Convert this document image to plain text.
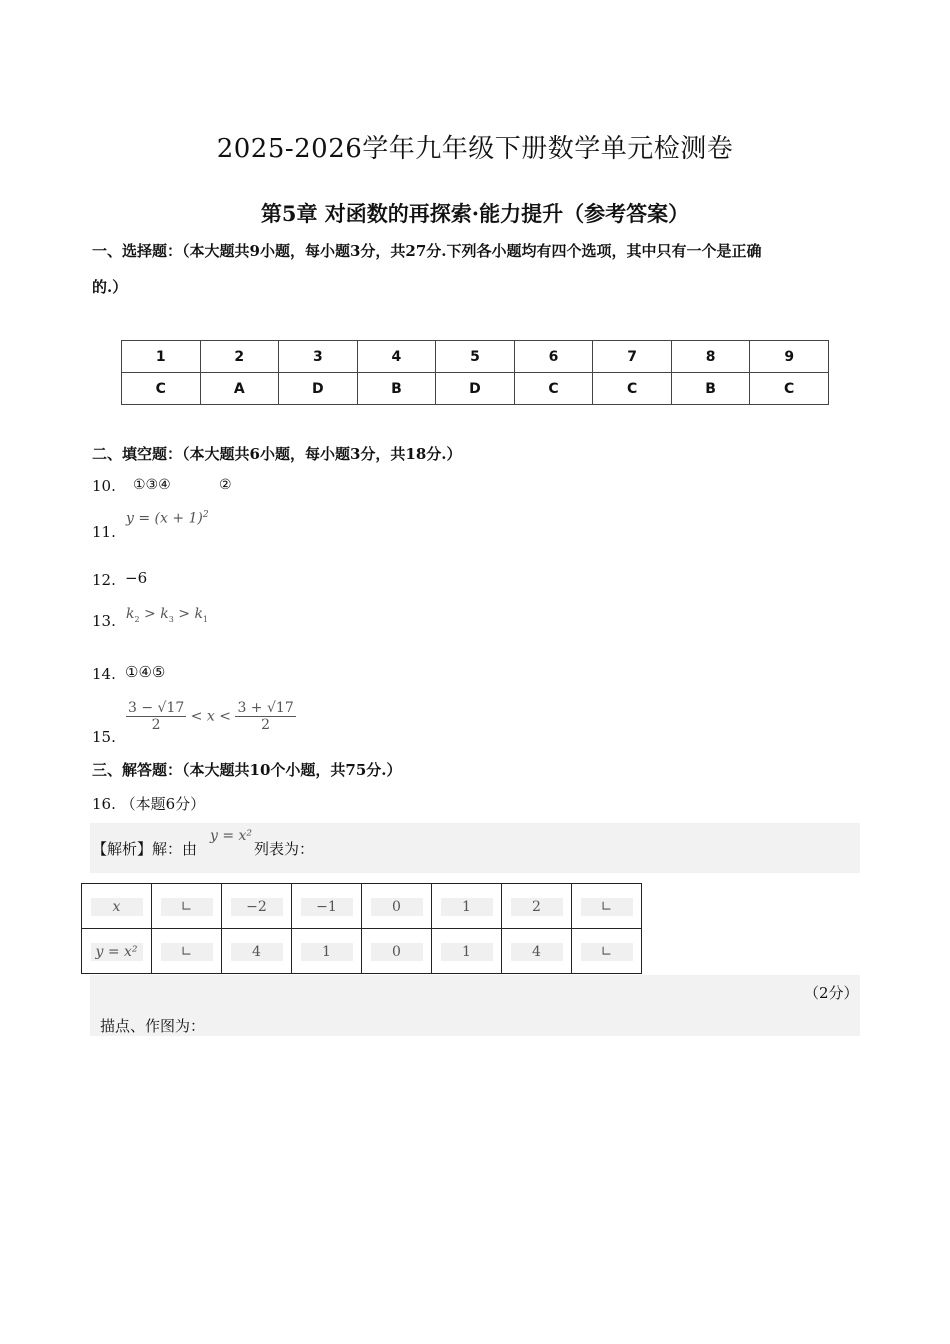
2025-2026学年九年级下册数学单元检测卷
第5章 对函数的再探索·能力提升（参考答案）
一、选择题：（本大题共9小题，每小题3分，共27分.下列各小题均有四个选项，其中只有一个是正确
的.）
1	2	3	4	5	6	7	8	9
C	A	D	B	D	C	C	B	C
二、填空题：（本大题共6小题，每小题3分，共18分.）
10. ①③④	②
11.
$y = (x + 1)^2$
12. −6
13. $k_2 > k_3 > k_1$
14. ①④⑤
15.
$\frac{3 - √17}{2} < x < \frac{3 + √17}{2}$
三、解答题：（本大题共10个小题，共75分.）
16. （本题6分）
【解析】解：由
y = x²
列表为：
x	∟	−2	−1	0	1	2	∟
y = x²	∟	4	1	0	1	4	∟
（2分）
描点、作图为：
